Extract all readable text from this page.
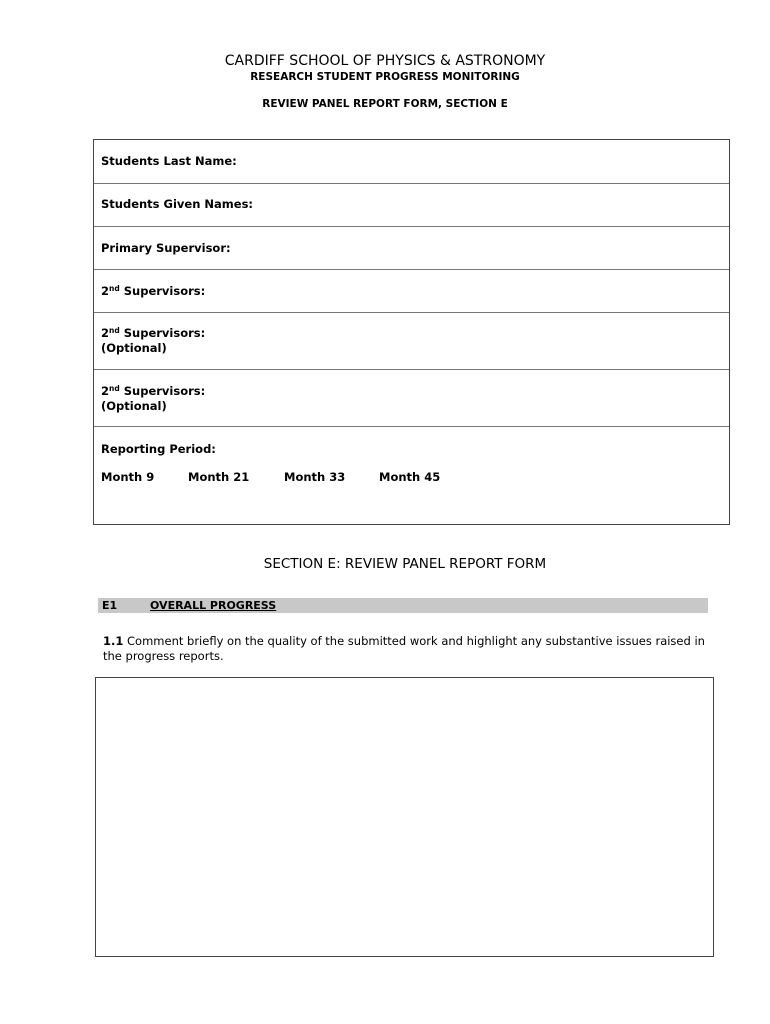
CARDIFF SCHOOL OF PHYSICS & ASTRONOMY
RESEARCH STUDENT PROGRESS MONITORING
REVIEW PANEL REPORT FORM, SECTION E
Students Last Name:
Students Given Names:
Primary Supervisor:
2nd Supervisors:
2nd Supervisors:
(Optional)
2nd Supervisors:
(Optional)
Reporting Period:
Month 9	Month 21	Month 33	Month 45
SECTION E: REVIEW PANEL REPORT FORM
E1	OVERALL PROGRESS
1.1 Comment briefly on the quality of the submitted work and highlight any substantive issues raised in the progress reports.
